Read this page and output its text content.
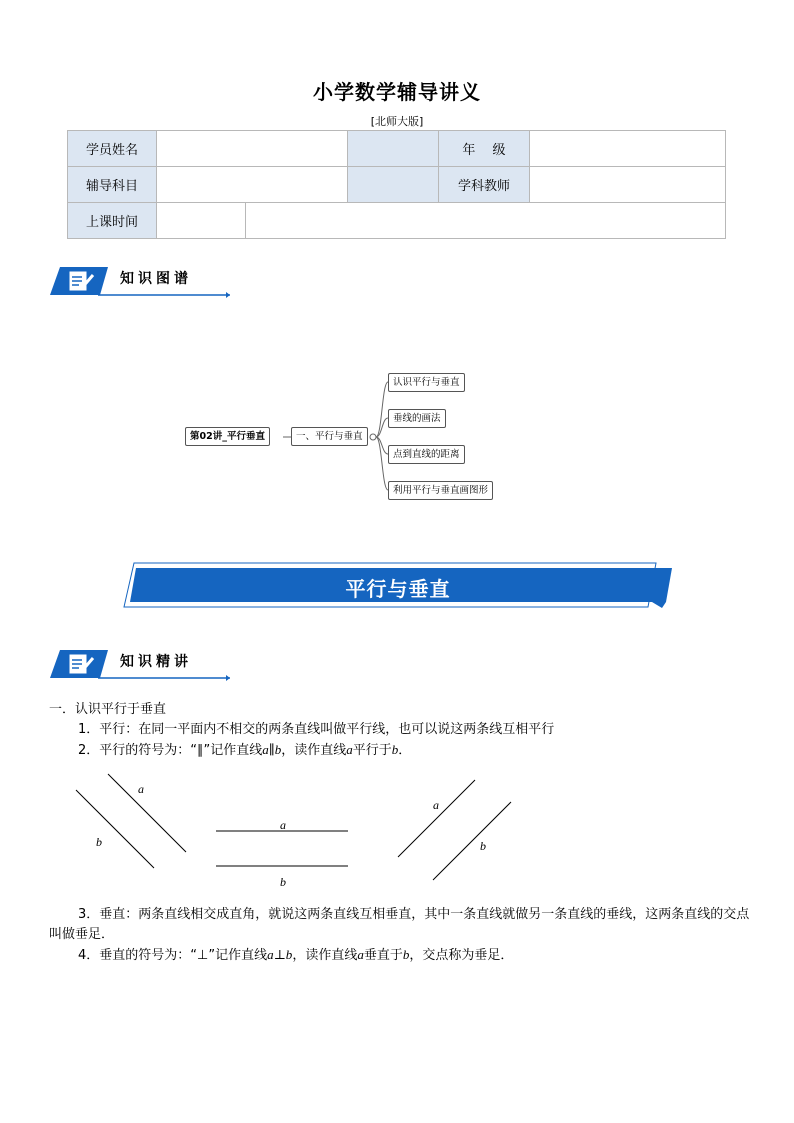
小学数学辅导讲义
[北师大版]
学员姓名			年　 级	
辅导科目			学科教师	
上课时间				
知识图谱
第02讲_平行垂直	一、平行与垂直
认识平行与垂直
垂线的画法
点到直线的距离
利用平行与垂直画图形
平行与垂直
知识精讲
一．认识平行于垂直
1．平行：在同一平面内不相交的两条直线叫做平行线，也可以说这两条线互相平行
2．平行的符号为：“∥”记作直线a∥b，读作直线a平行于b．
a
b
a
b
a
b
3．垂直：两条直线相交成直角，就说这两条直线互相垂直，其中一条直线就做另一条直线的垂线，这两条直线的交点叫做垂足．
4．垂直的符号为：“⊥”记作直线a⊥b，读作直线a垂直于b，交点称为垂足．
